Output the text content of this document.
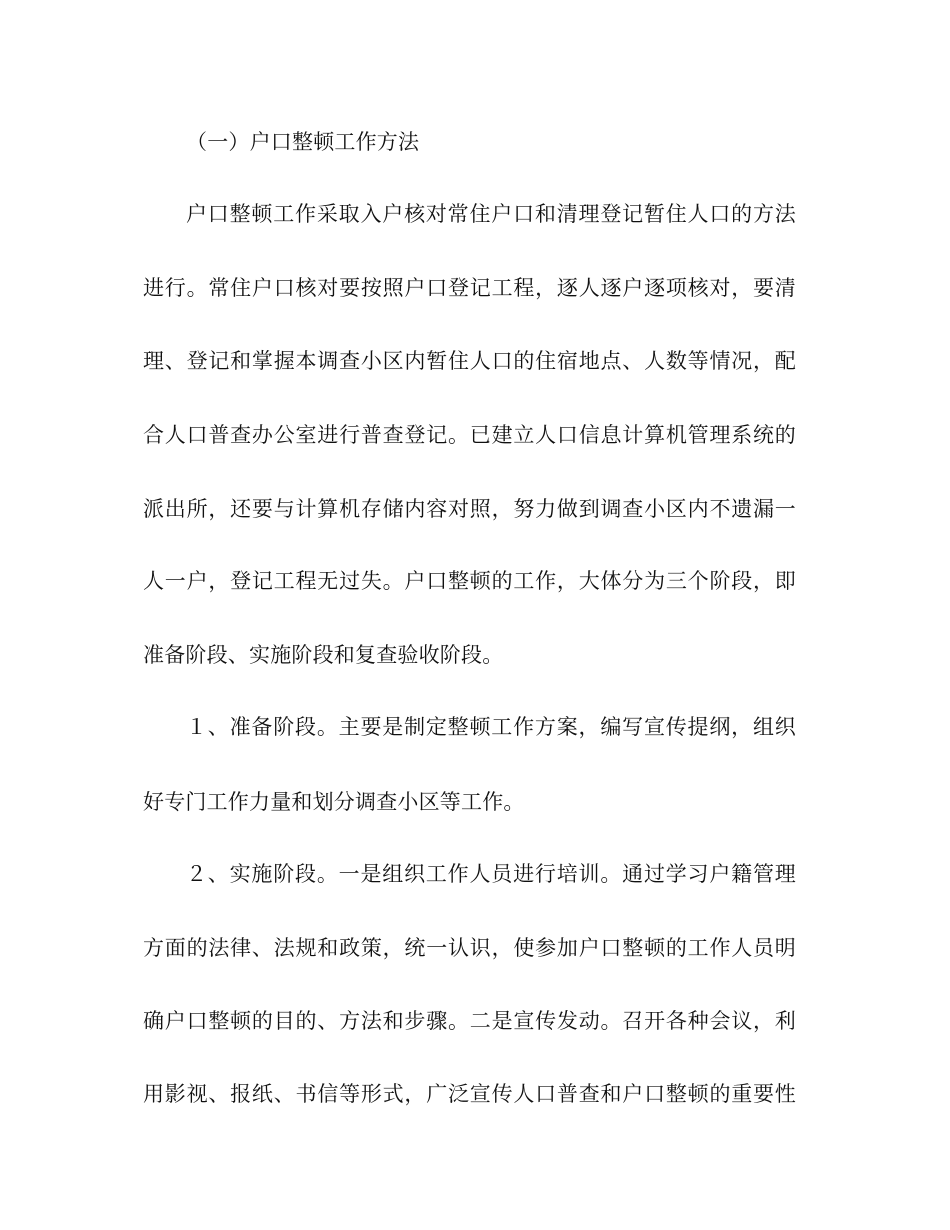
（一）户口整顿工作方法

户口整顿工作采取入户核对常住户口和清理登记暂住人口的方法

进行。常住户口核对要按照户口登记工程，逐人逐户逐项核对，要清

理、登记和掌握本调查小区内暂住人口的住宿地点、人数等情况，配

合人口普查办公室进行普查登记。已建立人口信息计算机管理系统的

派出所，还要与计算机存储内容对照，努力做到调查小区内不遗漏一

人一户，登记工程无过失。户口整顿的工作，大体分为三个阶段，即

准备阶段、实施阶段和复查验收阶段。

１、准备阶段。主要是制定整顿工作方案，编写宣传提纲，组织

好专门工作力量和划分调查小区等工作。

２、实施阶段。一是组织工作人员进行培训。通过学习户籍管理

方面的法律、法规和政策，统一认识，使参加户口整顿的工作人员明

确户口整顿的目的、方法和步骤。二是宣传发动。召开各种会议，利

用影视、报纸、书信等形式，广泛宣传人口普查和户口整顿的重要性
